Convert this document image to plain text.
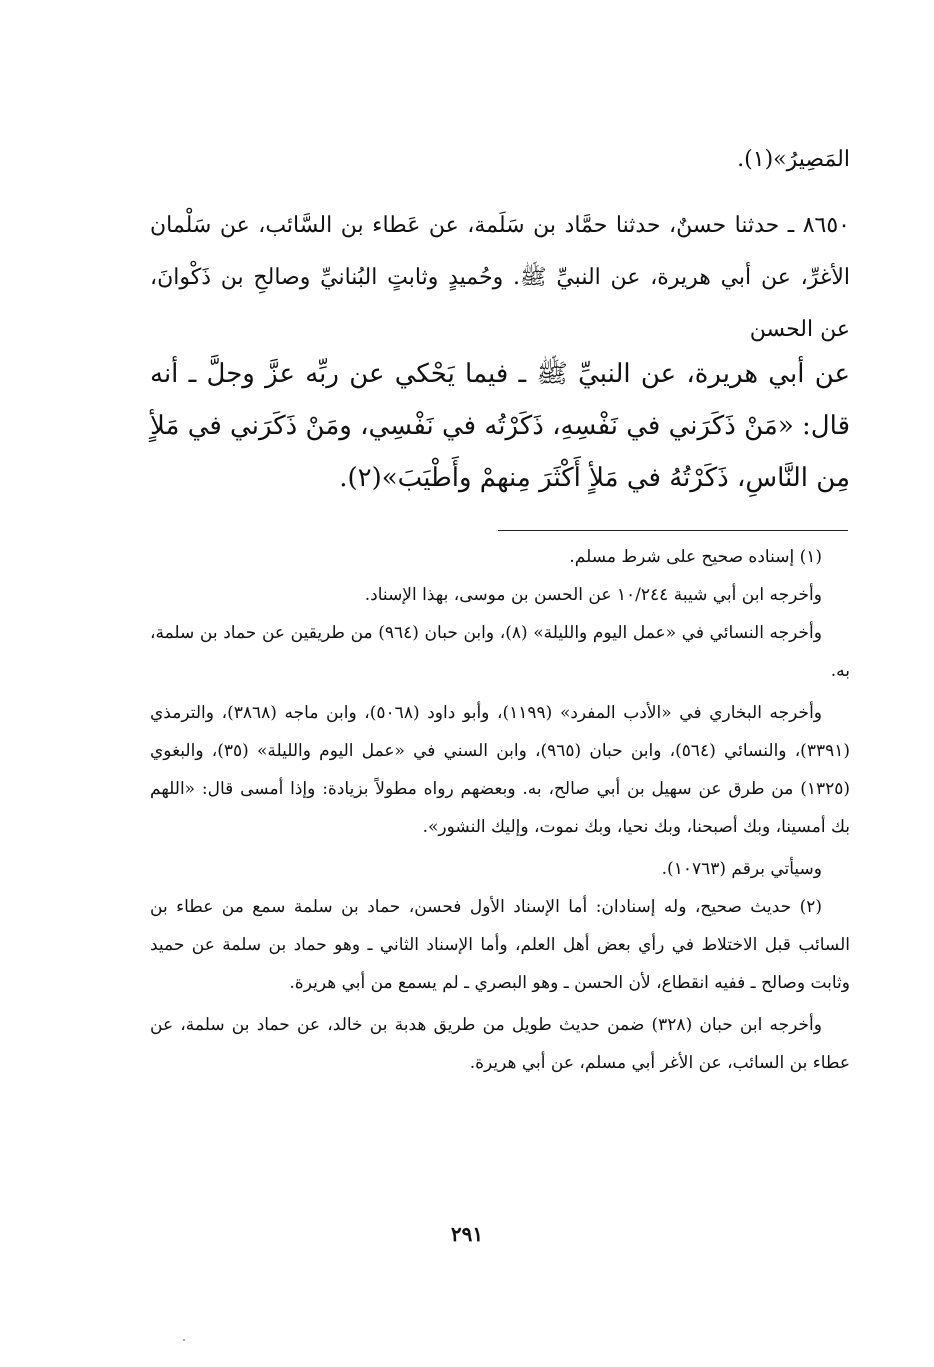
المَصِيرُ»(١).

٨٦٥٠ ـ حدثنا حسنٌ، حدثنا حمَّاد بن سَلَمة، عن عَطاء بن السَّائب، عن سَلْمان الأغرِّ، عن أبي هريرة، عن النبيِّ ﷺ. وحُميدٍ وثابتٍ البُنانيِّ وصالحِ بن ذَكْوانَ، عن الحسن

عن أبي هريرة، عن النبيِّ ﷺ ـ فيما يَحْكي عن ربِّه عزَّ وجلَّ ـ أنه قال: «مَنْ ذَكَرَني في نَفْسِهِ، ذَكَرْتُه في نَفْسِي، ومَنْ ذَكَرَني في مَلأٍ مِن النَّاسِ، ذَكَرْتُهُ في مَلأٍ أَكْثَرَ مِنهمْ وأَطْيَبَ»(٢).

(١) إسناده صحيح على شرط مسلم.

وأخرجه ابن أبي شيبة ١٠/٢٤٤ عن الحسن بن موسى، بهذا الإسناد.

وأخرجه النسائي في «عمل اليوم والليلة» (٨)، وابن حبان (٩٦٤) من طريقين عن حماد بن سلمة، به.

وأخرجه البخاري في «الأدب المفرد» (١١٩٩)، وأبو داود (٥٠٦٨)، وابن ماجه (٣٨٦٨)، والترمذي (٣٣٩١)، والنسائي (٥٦٤)، وابن حبان (٩٦٥)، وابن السني في «عمل اليوم والليلة» (٣٥)، والبغوي (١٣٢٥) من طرق عن سهيل بن أبي صالح، به. وبعضهم رواه مطولاً بزيادة: وإذا أمسى قال: «اللهم بك أمسينا، وبك أصبحنا، وبك نحيا، وبك نموت، وإليك النشور».

وسيأتي برقم (١٠٧٦٣).

(٢) حديث صحيح، وله إسنادان: أما الإسناد الأول فحسن، حماد بن سلمة سمع من عطاء بن السائب قبل الاختلاط في رأي بعض أهل العلم، وأما الإسناد الثاني ـ وهو حماد بن سلمة عن حميد وثابت وصالح ـ ففيه انقطاع، لأن الحسن ـ وهو البصري ـ لم يسمع من أبي هريرة.

وأخرجه ابن حبان (٣٢٨) ضمن حديث طويل من طريق هدبة بن خالد، عن حماد بن سلمة، عن عطاء بن السائب، عن الأغر أبي مسلم، عن أبي هريرة.

٢٩١
